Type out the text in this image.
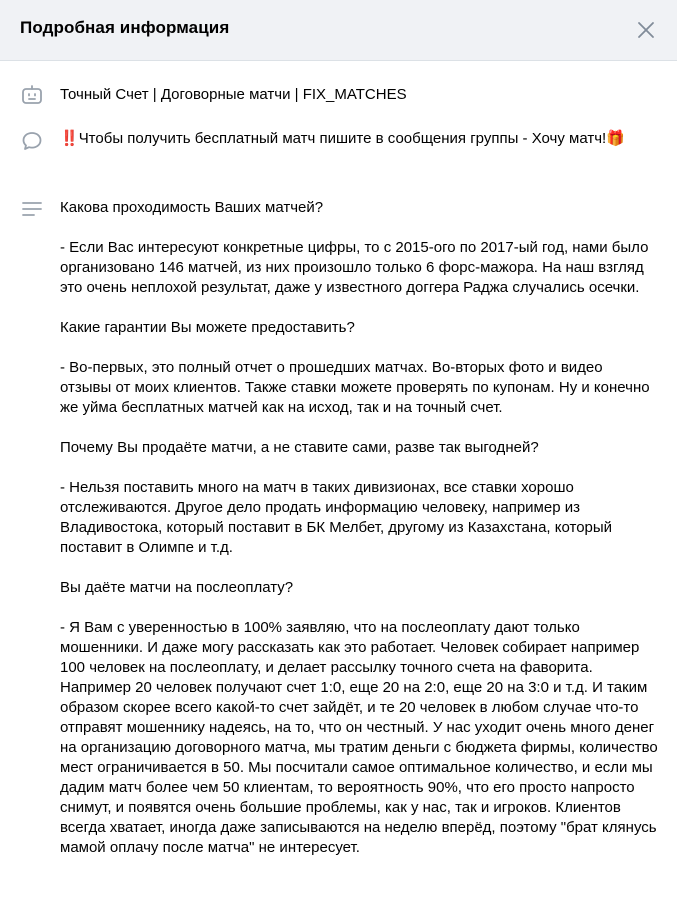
Подробная информация
Точный Счет | Договорные матчи | FIX_MATCHES
‼️Чтобы получить бесплатный матч пишите в сообщения группы - Хочу матч!🎁

Какова проходимость Ваших матчей?

- Если Вас интересуют конкретные цифры, то с 2015-ого по 2017-ый год, нами было организовано 146 матчей, из них произошло только 6 форс-мажора. На наш взгляд это очень неплохой результат, даже у известного доггера Раджа случались осечки.

Какие гарантии Вы можете предоставить?

- Во-первых, это полный отчет о прошедших матчах. Во-вторых фото и видео отзывы от моих клиентов. Также ставки можете проверять по купонам. Ну и конечно же уйма бесплатных матчей как на исход, так и на точный счет.

Почему Вы продаёте матчи, а не ставите сами, разве так выгодней?

- Нельзя поставить много на матч в таких дивизионах, все ставки хорошо отслеживаются. Другое дело продать информацию человеку, например из Владивостока, который поставит в БК Мелбет, другому из Казахстана, который поставит в Олимпе и т.д.

Вы даёте матчи на послеоплату?

- Я Вам с уверенностью в 100% заявляю, что на послеоплату дают только мошенники. И даже могу рассказать как это работает. Человек собирает например 100 человек на послеоплату, и делает рассылку точного счета на фаворита. Например 20 человек получают счет 1:0, еще 20 на 2:0, еще 20 на 3:0 и т.д. И таким образом скорее всего какой-то счет зайдёт, и те 20 человек в любом случае что-то отправят мошеннику надеясь, на то, что он честный. У нас уходит очень много денег на организацию договорного матча, мы тратим деньги с бюджета фирмы, количество мест ограничивается в 50. Мы посчитали самое оптимальное количество, и если мы дадим матч более чем 50 клиентам, то вероятность 90%, что его просто напросто снимут, и появятся очень большие проблемы, как у нас, так и игроков. Клиентов всегда хватает, иногда даже записываются на неделю вперёд, поэтому "брат клянусь мамой оплачу после матча" не интересует.
